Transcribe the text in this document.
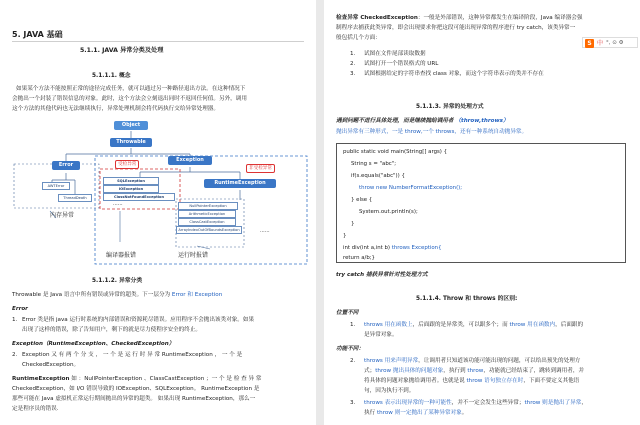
5. JAVA 基础
5.1.1. JAVA 异常分类及处理
5.1.1.1. 概念
如果某个方法不能按照正常的途径完成任务，就可以通过另一种路径退出方法。在这种情况下
会抛出一个封装了错误信息的对象。此时，这个方法会立刻退出同时不返回任何值。另外，调用
这个方法的其他代码也无法继续执行，异常处理机制会将代码执行交给异常处理器。
Object
Throwable
Error
Exception
RuntimeException
AWTError
ThreadDeath
受检异常
非受检异常
SQLException
IOException
ClassNotFoundException
......	NullPointerException
ArithmeticException
ClassCastException
ArrayIndexOutOfBoundsException	......
内存异常
编译器报错	运行时报错
5.1.1.2. 异常分类
Throwable 是 Java 语言中所有错误或异常的超类。下一层分为 Error 和 Exception
Error
1. Error 类是指 java 运行时系统的内部错误和资源耗尽错误。应用程序不会抛出该类对象。如果
出现了这样的错误，除了告知用户，剩下的就是尽力使程序安全的终止。
Exception（RuntimeException、CheckedException）
2. Exception 又 有 两 个 分 支 ， 一 个 是 运 行 时 异 常 RuntimeException ， 一 个 是
CheckedException。
RuntimeException 如 ：NullPointerException 、ClassCastException ；一 个 是 检 查 异 常
CheckedException，如 I/O 错误导致的 IOException、SQLException。 RuntimeException 是
那些可能在 Java 虚拟机正常运行期间抛出的异常的超类。 如果出现 RuntimeException，那么一
定是程序员的错误.
检查异常 CheckedException：一般是外部错误，这种异常都发生在编译阶段，Java 编译器会强
制程序去捕获此类异常，即会出现要求你把这段可能出现异常的程序进行 try catch，该类异常一
般包括几个方面：
S 中 °, ⊙ ⚙
1. 试图在文件尾部读取数据
2. 试图打开一个错误格式的 URL
3. 试图根据给定的字符串查找 class 对象，而这个字符串表示的类并不存在
5.1.1.3. 异常的处理方式
遇到问题不进行具体处理，而是继续抛给调用者 （throw,throws）
抛出异常有三种形式，一是 throw,一个 throws，还有一种系统自动抛异常。
public static void main(String[] args) {
String s = "abc";
if(s.equals("abc")) {
throw new NumberFormatException();
} else {
System.out.println(s);
}
}
int div(int a,int b) throws Exception{
return a/b;}
try catch 捕获异常针对性处理方式
5.1.1.4. Throw 和 throws 的区别:
位置不同
1. throws 用在函数上，后面跟的是异常类，可以跟多个；而 throw 用在函数内，后面跟的
是异常对象。
功能不同：
2. throws 用来声明异常，让调用者只知道该功能可能出现的问题，可以给出预先的处理方
式；throw 抛出具体的问题对象，执行到 throw，功能就已经结束了，跳转到调用者，并
将具体的问题对象抛给调用者。也就是说 throw 语句独立存在时，下面不要定义其他语
句，因为执行不到。
3. throws 表示出现异常的一种可能性，并不一定会发生这些异常；throw 则是抛出了异常，
执行 throw 则一定抛出了某种异常对象。
